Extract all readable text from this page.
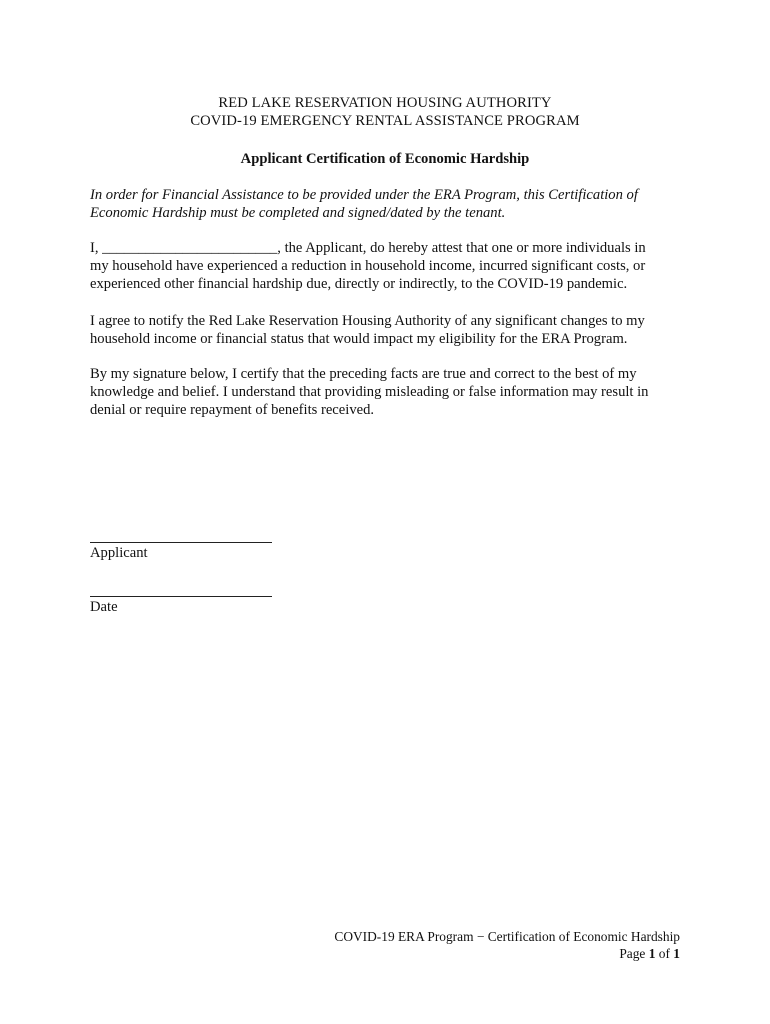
RED LAKE RESERVATION HOUSING AUTHORITY
COVID-19 EMERGENCY RENTAL ASSISTANCE PROGRAM
Applicant Certification of Economic Hardship

In order for Financial Assistance to be provided under the ERA Program, this Certification of
Economic Hardship must be completed and signed/dated by the tenant.

I, ________________________, the Applicant, do hereby attest that one or more individuals in
my household have experienced a reduction in household income, incurred significant costs, or
experienced other financial hardship due, directly or indirectly, to the COVID-19 pandemic.

I agree to notify the Red Lake Reservation Housing Authority of any significant changes to my
household income or financial status that would impact my eligibility for the ERA Program.

By my signature below, I certify that the preceding facts are true and correct to the best of my
knowledge and belief. I understand that providing misleading or false information may result in
denial or require repayment of benefits received.

Applicant
Date
COVID-19 ERA Program − Certification of Economic Hardship
Page 1 of 1
